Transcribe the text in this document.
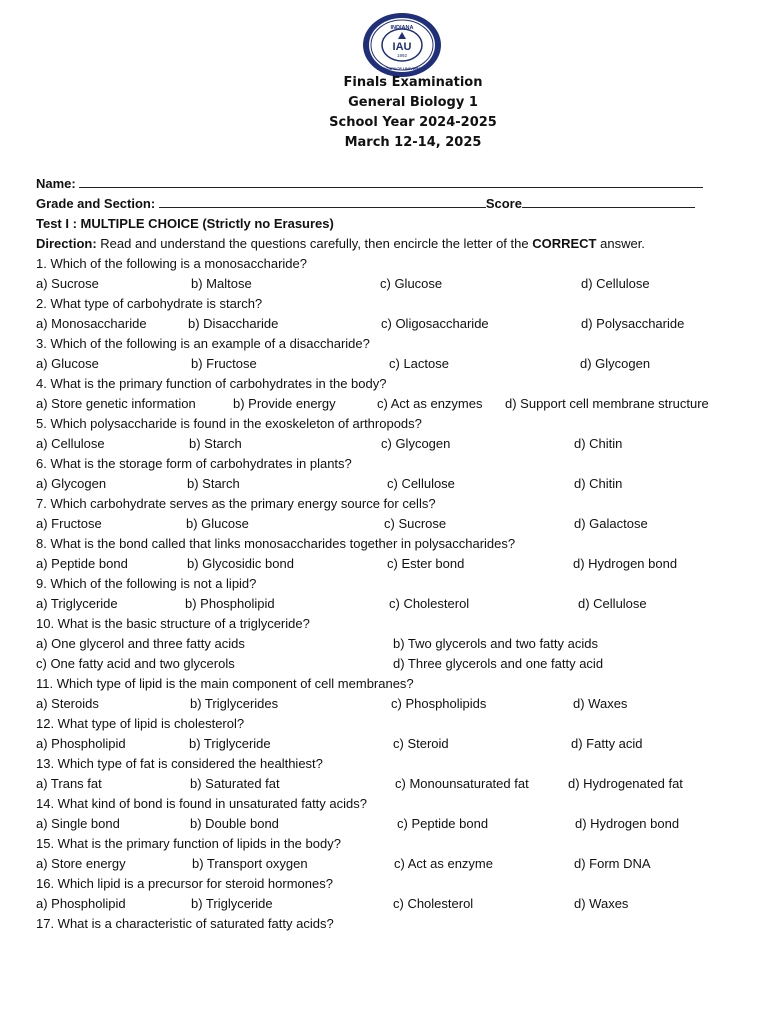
INDIANA
IAU
1992
AEROSPACE UNIVERSITY
Finals Examination
General Biology 1
School Year 2024-2025
March 12-14, 2025
Name:
Grade and Section:	Score
Test I : MULTIPLE CHOICE (Strictly no Erasures)
Direction: Read and understand the questions carefully, then encircle the letter of the CORRECT answer.
1. Which of the following is a monosaccharide?
a) Sucrose	b) Maltose	c) Glucose	d) Cellulose
2. What type of carbohydrate is starch?
a) Monosaccharide	b) Disaccharide	c) Oligosaccharide	d) Polysaccharide
3. Which of the following is an example of a disaccharide?
a) Glucose	b) Fructose	c) Lactose	d) Glycogen
4. What is the primary function of carbohydrates in the body?
a) Store genetic information	b) Provide energy	c) Act as enzymes d) Support cell membrane structure
5. Which polysaccharide is found in the exoskeleton of arthropods?
a) Cellulose	b) Starch	c) Glycogen	d) Chitin
6. What is the storage form of carbohydrates in plants?
a) Glycogen	b) Starch	c) Cellulose	d) Chitin
7. Which carbohydrate serves as the primary energy source for cells?
a) Fructose	b) Glucose	c) Sucrose	d) Galactose
8. What is the bond called that links monosaccharides together in polysaccharides?
a) Peptide bond	b) Glycosidic bond	c) Ester bond	d) Hydrogen bond
9. Which of the following is not a lipid?
a) Triglyceride	b) Phospholipid	c) Cholesterol	d) Cellulose
10. What is the basic structure of a triglyceride?
a) One glycerol and three fatty acids	b) Two glycerols and two fatty acids
c) One fatty acid and two glycerols	d) Three glycerols and one fatty acid
11. Which type of lipid is the main component of cell membranes?
a) Steroids	b) Triglycerides	c) Phospholipids	d) Waxes
12. What type of lipid is cholesterol?
a) Phospholipid	b) Triglyceride	c) Steroid	d) Fatty acid
13. Which type of fat is considered the healthiest?
a) Trans fat	b) Saturated fat	c) Monounsaturated fat	d) Hydrogenated fat
14. What kind of bond is found in unsaturated fatty acids?
a) Single bond	b) Double bond	c) Peptide bond	d) Hydrogen bond
15. What is the primary function of lipids in the body?
a) Store energy	b) Transport oxygen	c) Act as enzyme	d) Form DNA
16. Which lipid is a precursor for steroid hormones?
a) Phospholipid	b) Triglyceride	c) Cholesterol	d) Waxes
17. What is a characteristic of saturated fatty acids?
